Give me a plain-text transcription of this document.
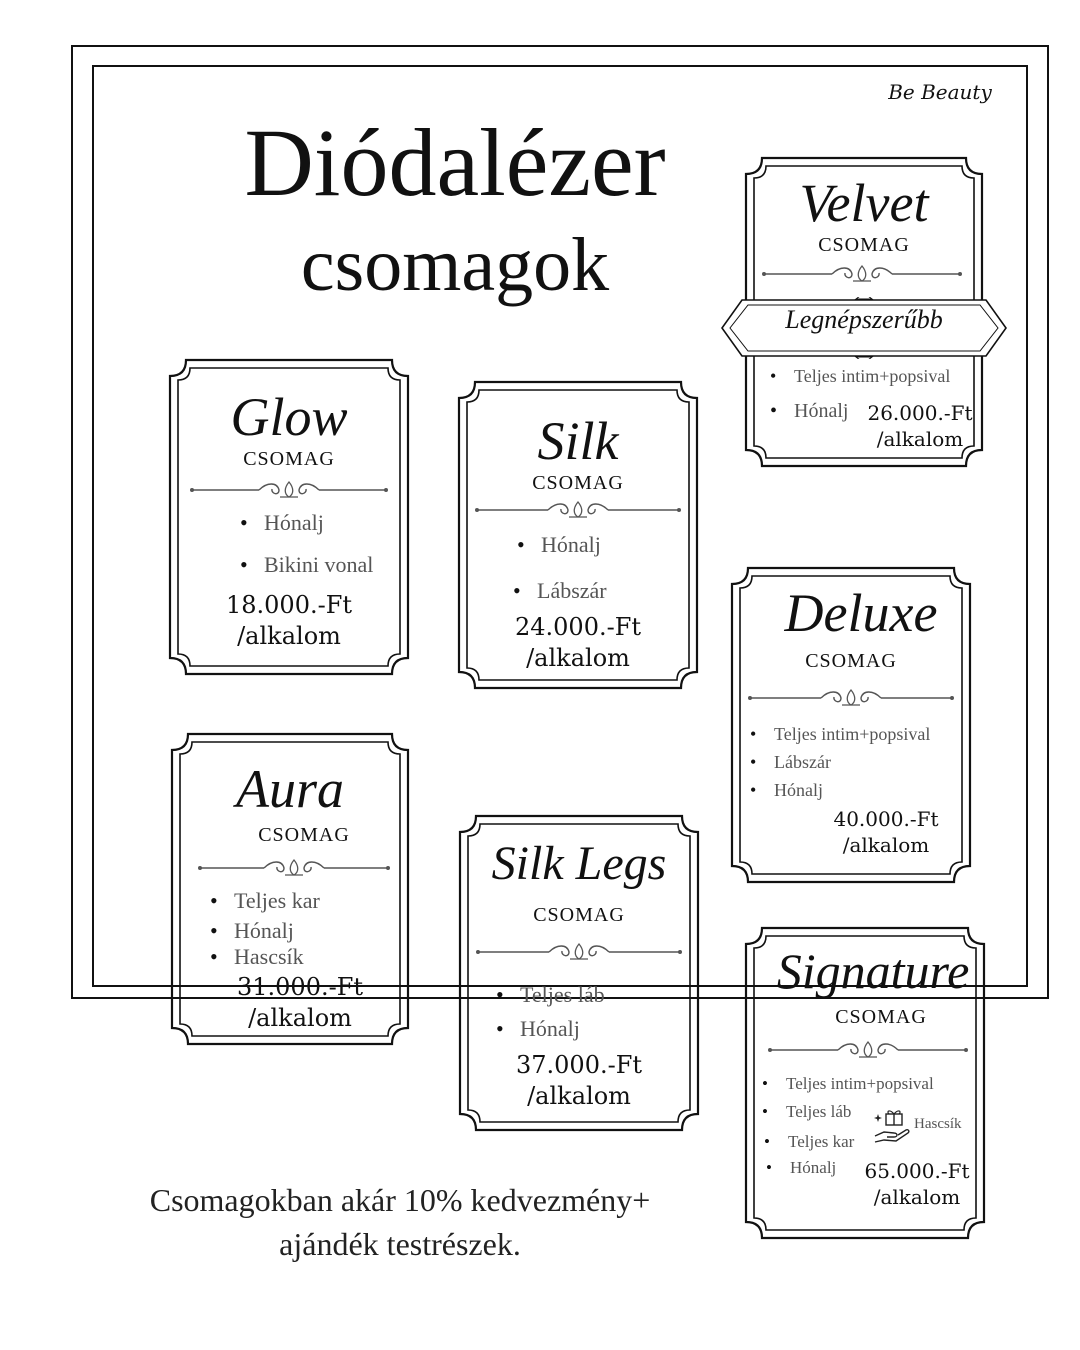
Be Beauty
Diódalézer
csomagok
Glow
CSOMAG
• Hónalj
• Bikini vonal
18.000.-Ft
/alkalom
Silk
CSOMAG
• Hónalj
• Lábszár
24.000.-Ft
/alkalom
Velvet
CSOMAG
• Teljes intim+popsival
• Hónalj 26.000.-Ft
/alkalom
Legnépszerűbb
Aura
CSOMAG
• Teljes kar
• Hónalj
• Hascsík
31.000.-Ft
/alkalom
Silk Legs
CSOMAG
• Teljes láb
• Hónalj
37.000.-Ft
/alkalom
Deluxe
CSOMAG
• Teljes intim+popsival
• Lábszár
• Hónalj
40.000.-Ft
/alkalom
Signature
CSOMAG
• Teljes intim+popsival
• Teljes láb
• Teljes kar
• Hónalj	65.000.-Ft
/alkalom
Hascsík
Csomagokban akár 10% kedvezmény+
ajándék testrészek.
